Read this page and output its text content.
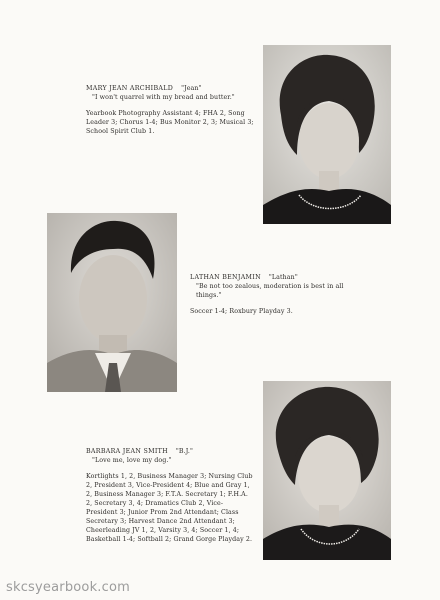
MARY JEAN ARCHIBALD "Jean"
"I won't quarrel with my bread and butter."
Yearbook Photography Assistant 4; FHA 2, Song Leader 3; Chorus 1-4; Bus Monitor 2, 3; Musical 3; School Spirit Club 1.
LATHAN BENJAMIN "Lathan"
"Be not too zealous, moderation is best in all things."
Soccer 1-4; Roxbury Playday 3.
BARBARA JEAN SMITH "B.J."
"Love me, love my dog."
Kortlights 1, 2, Business Manager 3; Nursing Club 2, President 3, Vice-President 4; Blue and Gray 1, 2, Business Manager 3; F.T.A. Secretary 1; F.H.A. 2, Secretary 3, 4; Dramatics Club 2, Vice-President 3; Junior Prom 2nd Attendant; Class Secretary 3; Harvest Dance 2nd Attendant 3; Cheerleading JV 1, 2, Varsity 3, 4; Soccer 1, 4; Basketball 1-4; Softball 2; Grand Gorge Playday 2.
skcsyearbook.com
